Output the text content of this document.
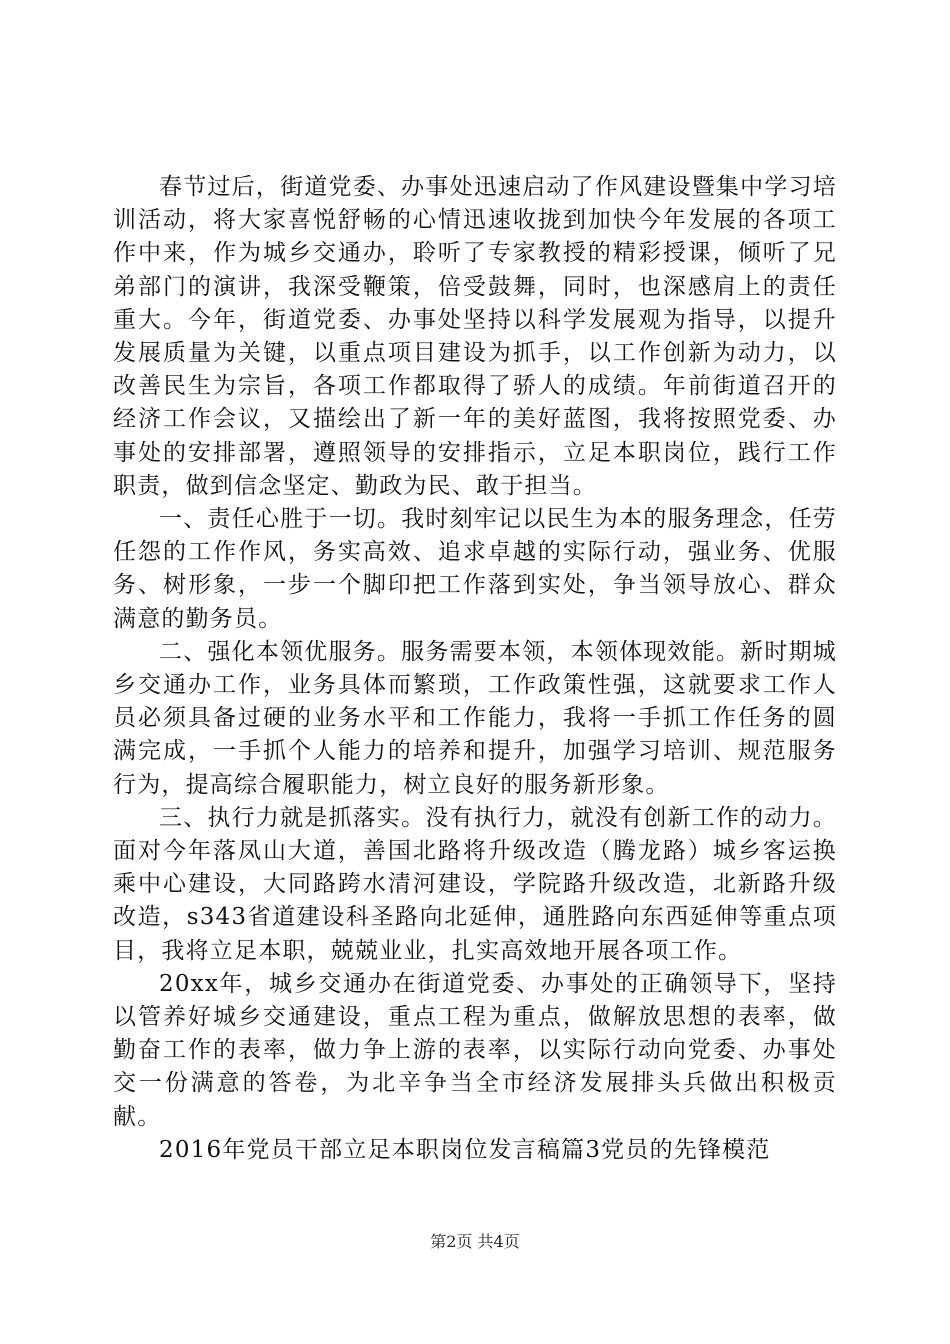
春节过后，街道党委、办事处迅速启动了作风建设暨集中学习培训活动，将大家喜悦舒畅的心情迅速收拢到加快今年发展的各项工作中来，作为城乡交通办，聆听了专家教授的精彩授课，倾听了兄弟部门的演讲，我深受鞭策，倍受鼓舞，同时，也深感肩上的责任重大。今年，街道党委、办事处坚持以科学发展观为指导，以提升发展质量为关键，以重点项目建设为抓手，以工作创新为动力，以改善民生为宗旨，各项工作都取得了骄人的成绩。年前街道召开的经济工作会议，又描绘出了新一年的美好蓝图，我将按照党委、办事处的安排部署，遵照领导的安排指示，立足本职岗位，践行工作职责，做到信念坚定、勤政为民、敢于担当。

一、责任心胜于一切。我时刻牢记以民生为本的服务理念，任劳任怨的工作作风，务实高效、追求卓越的实际行动，强业务、优服务、树形象，一步一个脚印把工作落到实处，争当领导放心、群众满意的勤务员。

二、强化本领优服务。服务需要本领，本领体现效能。新时期城乡交通办工作，业务具体而繁琐，工作政策性强，这就要求工作人员必须具备过硬的业务水平和工作能力，我将一手抓工作任务的圆满完成，一手抓个人能力的培养和提升，加强学习培训、规范服务行为，提高综合履职能力，树立良好的服务新形象。

三、执行力就是抓落实。没有执行力，就没有创新工作的动力。面对今年落凤山大道，善国北路将升级改造（腾龙路）城乡客运换乘中心建设，大同路跨水清河建设，学院路升级改造，北新路升级改造，s343省道建设科圣路向北延伸，通胜路向东西延伸等重点项目，我将立足本职，兢兢业业，扎实高效地开展各项工作。

20xx年，城乡交通办在街道党委、办事处的正确领导下，坚持以管养好城乡交通建设，重点工程为重点，做解放思想的表率，做勤奋工作的表率，做力争上游的表率，以实际行动向党委、办事处交一份满意的答卷，为北辛争当全市经济发展排头兵做出积极贡献。

2016年党员干部立足本职岗位发言稿篇3党员的先锋模范

第2页 共4页
